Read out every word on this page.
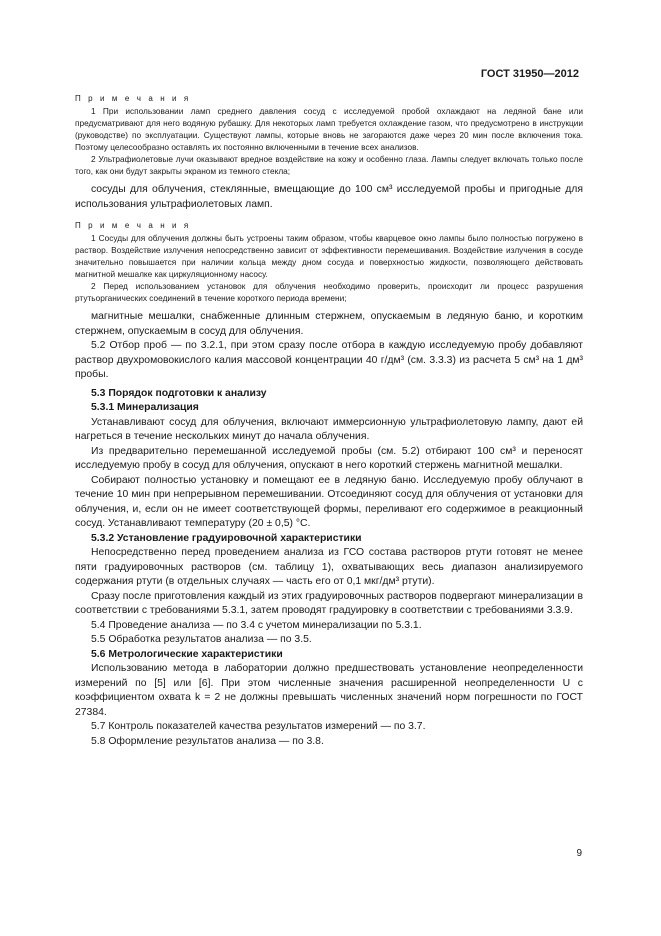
ГОСТ 31950—2012

П р и м е ч а н и я

1 При использовании ламп среднего давления сосуд с исследуемой пробой охлаждают на ледяной бане или предусматривают для него водяную рубашку. Для некоторых ламп требуется охлаждение газом, что предусмотрено в инструкции (руководстве) по эксплуатации. Существуют лампы, которые вновь не загораются даже через 20 мин после включения тока. Поэтому целесообразно оставлять их постоянно включенными в течение всех анализов.

2 Ультрафиолетовые лучи оказывают вредное воздействие на кожу и особенно глаза. Лампы следует включать только после того, как они будут закрыты экраном из темного стекла;

сосуды для облучения, стеклянные, вмещающие до 100 см³ исследуемой пробы и пригодные для использования ультрафиолетовых ламп.

П р и м е ч а н и я

1 Сосуды для облучения должны быть устроены таким образом, чтобы кварцевое окно лампы было полностью погружено в раствор. Воздействие излучения непосредственно зависит от эффективности перемешивания. Воздействие излучения в сосуде значительно повышается при наличии кольца между дном сосуда и поверхностью жидкости, позволяющего действовать магнитной мешалке как циркуляционному насосу.

2 Перед использованием установок для облучения необходимо проверить, происходит ли процесс разрушения ртутьорганических соединений в течение короткого периода времени;

магнитные мешалки, снабженные длинным стержнем, опускаемым в ледяную баню, и коротким стержнем, опускаемым в сосуд для облучения.

5.2 Отбор проб — по 3.2.1, при этом сразу после отбора в каждую исследуемую пробу добавляют раствор двухромовокислого калия массовой концентрации 40 г/дм³ (см. 3.3.3) из расчета 5 см³ на 1 дм³ пробы.

5.3 Порядок подготовки к анализу

5.3.1 Минерализация

Устанавливают сосуд для облучения, включают иммерсионную ультрафиолетовую лампу, дают ей нагреться в течение нескольких минут до начала облучения.

Из предварительно перемешанной исследуемой пробы (см. 5.2) отбирают 100 см³ и переносят исследуемую пробу в сосуд для облучения, опускают в него короткий стержень магнитной мешалки.

Собирают полностью установку и помещают ее в ледяную баню. Исследуемую пробу облучают в течение 10 мин при непрерывном перемешивании. Отсоединяют сосуд для облучения от установки для облучения, и, если он не имеет соответствующей формы, переливают его содержимое в реакционный сосуд. Устанавливают температуру (20 ± 0,5) °С.

5.3.2 Установление градуировочной характеристики

Непосредственно перед проведением анализа из ГСО состава растворов ртути готовят не менее пяти градуировочных растворов (см. таблицу 1), охватывающих весь диапазон анализируемого содержания ртути (в отдельных случаях — часть его от 0,1 мкг/дм³ ртути).

Сразу после приготовления каждый из этих градуировочных растворов подвергают минерализации в соответствии с требованиями 5.3.1, затем проводят градуировку в соответствии с требованиями 3.3.9.

5.4 Проведение анализа — по 3.4 с учетом минерализации по 5.3.1.

5.5 Обработка результатов анализа — по 3.5.

5.6 Метрологические характеристики

Использованию метода в лаборатории должно предшествовать установление неопределенности измерений по [5] или [6]. При этом численные значения расширенной неопределенности U с коэффициентом охвата k = 2 не должны превышать численных значений норм погрешности по ГОСТ 27384.

5.7 Контроль показателей качества результатов измерений — по 3.7.

5.8 Оформление результатов анализа — по 3.8.

9
